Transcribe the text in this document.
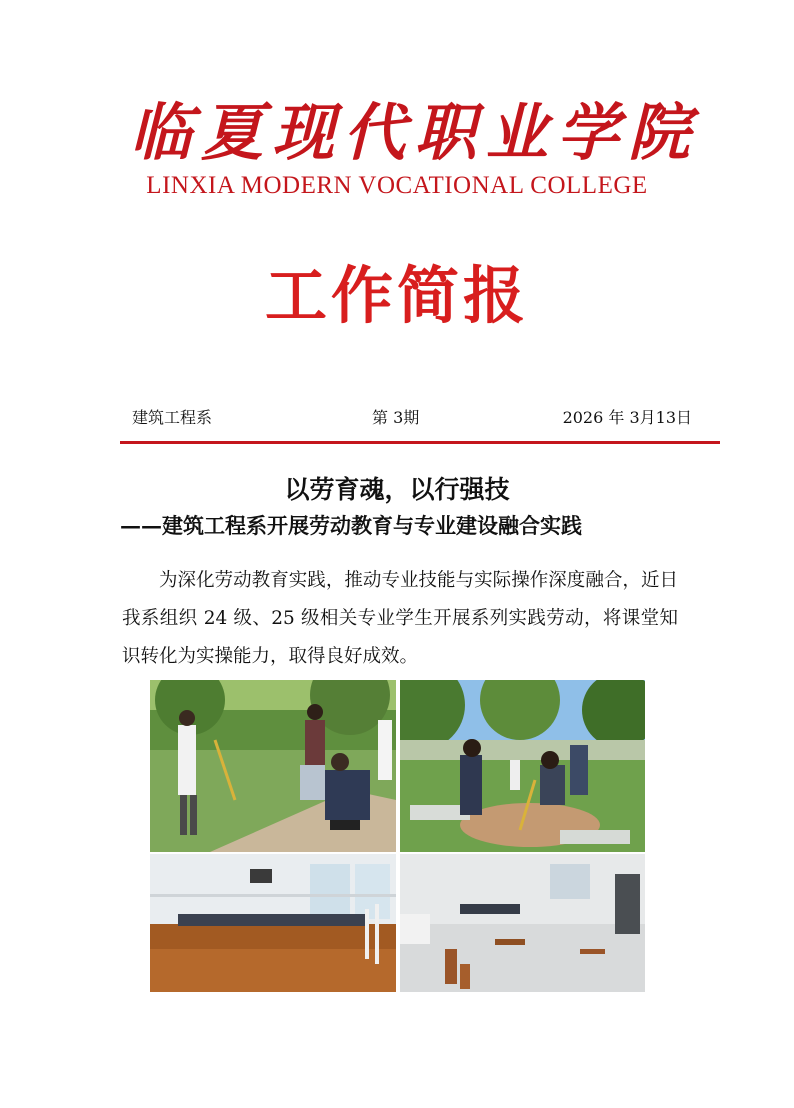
临 夏 现 代 职 业 学 院
LINXIA MODERN VOCATIONAL COLLEGE
工作简报
建筑工程系	第 3期	2026 年 3月13日
以劳育魂，以行强技
——建筑工程系开展劳动教育与专业建设融合实践
为深化劳动教育实践，推动专业技能与实际操作深度融合，近日我系组织 24 级、25 级相关专业学生开展系列实践劳动，将课堂知识转化为实操能力，取得良好成效。
